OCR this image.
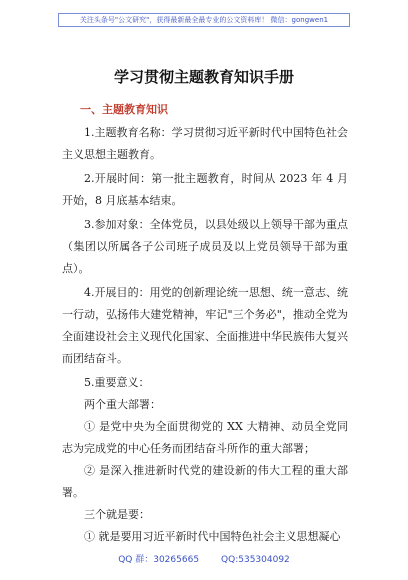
关注头条号"公文研究"，获得最新最全最专业的公文资料库！ 微信：gongwen1
学习贯彻主题教育知识手册
一、主题教育知识

1.主题教育名称：学习贯彻习近平新时代中国特色社会主义思想主题教育。

2.开展时间：第一批主题教育，时间从 2023 年 4 月开始，8 月底基本结束。

3.参加对象：全体党员，以县处级以上领导干部为重点（集团以所属各子公司班子成员及以上党员领导干部为重点）。

4.开展目的：用党的创新理论统一思想、统一意志、统一行动，弘扬伟大建党精神，牢记"三个务必"，推动全党为全面建设社会主义现代化国家、全面推进中华民族伟大复兴而团结奋斗。

5.重要意义：

两个重大部署：

① 是党中央为全面贯彻党的 XX 大精神、动员全党同志为完成党的中心任务而团结奋斗所作的重大部署；

② 是深入推进新时代党的建设新的伟大工程的重大部署。

三个就是要：

① 就是要用习近平新时代中国特色社会主义思想凝心

QQ 群：30265665 QQ:535304092
